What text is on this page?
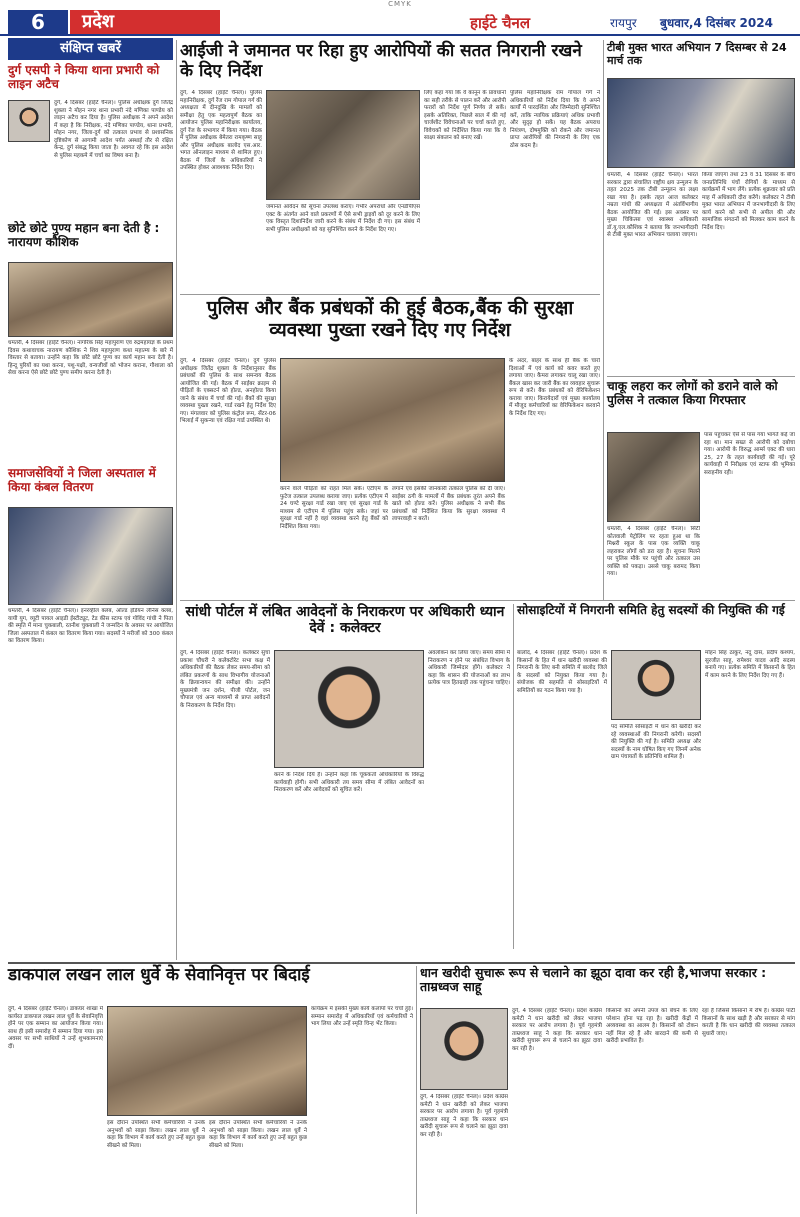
CMYK
6	प्रदेश	हाईटे चैनल	रायपुर	बुधवार,4 दिसंबर 2024
संक्षिप्त खबरें
दुर्ग एसपी ने किया थाना प्रभारी को लाइन अटैच
दुर्ग, 4 दिसंबर (हाईटे चैनल)। पुलिस अधीक्षक दुर्ग जितेंद्र शुक्ला ने मोहन नगर थाना प्रभारी नंदे मणिका पाण्डेय को लाइन अटैच कर दिया है। पुलिस अधीक्षक ने अपने आदेश में कहा है कि निरीक्षक, नंदे मणिका पाण्डेय, थाना प्रभारी, मोहन नगर, जिला-दुर्ग को तत्काल प्रभाव से प्रशासनिक दृष्टिकोण से आगामी आदेश पर्यंत अस्थाई तौर से रक्षित केन्द्र, दुर्ग संबद्ध किया जाता है। अवगत रहे कि इस आदेश से पुलिस महकमे में चर्चा का विषय बना है।
छोटे छोटे पुण्य महान बना देती है : नारायण कौशिक
धमतरी, 4 दिसंबर (हाईटे चैनल)। नागरिक सिंह महापुराण एवं रुद्रमहायज्ञ के प्रथम दिवस कथावाचक नारायण कौशिक ने शिव महापुराण कथा महात्म्य के बारे में विस्तार से बताया। उन्होंने कहा कि छोटे छोटे पुण्य का कार्य महान बना देती है। हिन्दू पुरियों का यथा करना, पशु-पक्षी, वन्यजीवों को भोजन कराना, गौशाला को सेवा करना ऐसे छोटे छोटे पुण्य समीप करना देती है।
समाजसेवियों ने जिला अस्पताल में किया कंबल वितरण
धमतरी, 4 दिसंबर (हाईटे चैनल)। इनरव्हील क्लब, ओल्ड इंडियन लेनिस क्लब, यायी युग, व्यूटी पायल आइडी ईस्टीट्यूट, टेड कीस स्टाफ एवं गोविंद गांधी ने पिता की स्मृति में माना चुकबाली, रतनीश चुकबाली ने जन्मदिन के अवसर पर आयोजित जिला अस्पताल में कंबल का वितरण किया गया। सदस्यों ने मरीजों को 300 कंबल का वितरण किया।
आईजी ने जमानत पर रिहा हुए आरोपियों की सतत निगरानी रखने के दिए निर्देश
दुर्ग, 4 दिसंबर (हाईटे चैनल)। पुलिस महानिरीक्षक, दुर्ग रेंज राम गोपाल गर्ग की अध्यक्षता में दीनदुखि के मामलों को समीक्षा हेतु एक महत्वपूर्ण बैठक का आयोजन पुलिस महानिरीक्षक कार्यालय, दुर्ग रेंज के सभागार में किया गया। बैठक में पुलिस अधीक्षक बेमेतरा रामकृष्ण साहू और पुलिस अधीक्षक बालोद एस.आर. भगत ऑनलाइन माध्यम से शामिल हुए। बैठक में जिलों के अधिकारियों ने उपस्थित होकर आवश्यक निर्देश दिए।
जमानत आवेदन की सूचना उपलब्ध कराएं। गंभीर अपराधों और एनडीपीएस एक्ट के अंतर्गत आने वाले प्रकरणों में ऐसे सभी ड्राइवों को दूर करने के लिए एक विस्तृत दिशानिर्देश जारी करने के संबंध में निर्देश दी गए। इस संबंध में सभी पुलिस अधीक्षकों को यह सुनिश्चित करने के निर्देश दिए गए।
लिए कहा गया कि वे कानून के प्रावधानों का सही तरीके से पालन करें और आरोपी फरारों को निर्देश पूर्ण निर्णय ले सकें। इसके अतिरिक्त, पिछले साल में की गई चार्जशीट विवेचनाओं पर चर्चा करते हुए, विवेचकों को निर्देशित किया गया कि वे साक्ष्य संकलन को बनाए रखें।
पुलिस महानिरीक्षक राम गोपाल गर्ग ने अधिकारियों को निर्देश दिया कि वे अपने कार्यों में पारदर्शिता और जिम्मेदारी सुनिश्चित करें, ताकि न्यायिक प्रक्रियाएं अधिक प्रभावी और सुदृढ़ हो सकें। यह बैठक अपराध नियंत्रण, दोषमुक्ति को रोकने और जमानत प्राप्त आरोपियों की निगरानी के लिए एक ठोस कदम है।
टीबी मुक्त भारत अभियान 7 दिसम्बर से 24 मार्च तक
धमतरी, 4 दिसंबर (हाईटे चैनल)। भारत सरकार द्वारा संचालित राष्ट्रीय क्षय उन्मूलन के तहत 2025 तक टीबी उन्मूलन का लक्ष्य रखा गया है। इसके तहत आज कलेक्टर नम्रता गांधी की अध्यक्षता में अंतर्विभागीय बैठक आयोजित की गई। इस अवसर पर मुख्य चिकित्सा एवं स्वास्थ्य अधिकारी डॉ.यू.एल.कौशिक ने बताया कि जनभागीदारी से टीबी मुक्त भारत अभियान चलाया जाएगा।
किया जाएगा तथा 23 व 31 दिसंबर के बीच जनप्रतिनिधि पंचों रोगियों के माध्यम से कार्यक्रमों में भाग लेंगे। प्रत्येक शुक्रवार को प्रति माह में अधिकारी दौरा करेंगे। कलेक्टर ने टीबी मुक्त भारत अभियान में जनभागीदारी के लिए कार्य करने को सभी से अपील की और सामाजिक संगठनों को मिलकर काम करने के निर्देश दिए।
पुलिस और बैंक प्रबंधकों की हुई बैठक,बैंक की सुरक्षा व्यवस्था पुख्ता रखने दिए गए निर्देश
दुर्ग, 4 दिसंबर (हाईटे चैनल)। दुर्ग पुलिस अधीक्षक जितेंद्र शुक्ला के निर्देशानुसार बैंक प्रबंधकों की पुलिस के साथ समन्वय बैठक आयोजित की गई। बैठक में साईबर क्राइम से पीड़ितों के एक्सटर्न को होल्ड, अनहोल्ड किया जाने के संबंध में चर्चा की गई। बैंकों की सुरक्षा व्यवस्था पुख्ता रखने, गार्ड रखने हेतु निर्देश दिए गए। मंगलवार को पुलिस कंट्रोल रूम, सेंटर-06 भिलाई में सुकन्या एवं रक्षित गार्ड उपस्थित थे।
करने वाले पीड़ितों को राहत मिल सके। एटीएम के फुटेज तत्काल उपलब्ध कराया जाए। प्रत्येक एटीएम में 24 घण्टे सुरक्षा गार्ड रखा जाए एवं सुरक्षा गार्ड के माध्यम से एटीएम में पुलिस पहुंच सके। जहां पर सुरक्षा गार्ड नहीं है वहां व्यवस्था करने हेतु बैंकों को निर्देशित किया गया।
लगाने एवं इसकी जानकारी तत्काल पुलिस को दी जाए। साईबर ठगी के मामलों में बैंक प्रबंधक तुरंत अपने बैंक खाते को होल्ड करें। पुलिस अधीक्षक ने सभी बैंक प्रबंधकों को निर्देशित किया कि सुरक्षा व्यवस्था में लापरवाही न बरतें।
के अंदर, बाहर के साथ ही बैंक के चारों दिशाओं में एवं कार्य को कवर करते हुए लगाया जाए। कैमरा लगाकर चालू रखा जाए। बैंकल खास कर जारी बैंक का व्यवहार सुचारू रूप से करें। बैंक प्रबंधकों को वेरिफिकेशन कराया जाए। किरायेदारों एवं मुख्य कार्यालय में मौजूद कर्मचारियों का वेरिफिकेशन करवाने के निर्देश दिए गए।
चाकू लहरा कर लोगों को डराने वाले को पुलिस ने तत्काल किया गिरफ्तार
धमतरी, 4 दिसंबर (हाईटे चैनल)। सिटी कोतवाली पेट्रोलिंग पर रहता हुआ था कि मिश्नरी स्कूल के पास एक व्यक्ति चाकू लहराकर लोगों को डरा रहा है। सूचना मिलने पर पुलिस मौके पर पहुंची और तत्काल उस व्यक्ति को पकड़ा। उससे चाकू बरामद किया गया।
पास पहुंचकर ऐसे से पास गया भागते कई जा रहा था। मान सख्त से आरोपी को दबोचा गया। आरोपी के विरुद्ध आर्म्स एक्ट की धारा 25, 27 के तहत कार्यवाही की गई। पूरे कार्यवाही में निरीक्षक एवं स्टाफ की भूमिका सराहनीय रही।
सांधी पोर्टल में लंबित आवेदनों के निराकरण पर अधिकारी ध्यान देवें : कलेक्टर
दुर्ग, 4 दिसंबर (हाईटे चैनल)। कलेक्टर सुचा प्रकाश चौधरी ने कलेक्टोरेट सभा कक्ष में अधिकारियों की बैठक लेकर समय-सीमा को लंबित प्रकरणों के साथ विभागीय योजनाओं के क्रियान्वयन की समीक्षा की। उन्होंने मुख्यमंत्री जन दर्शन, पीजी पोर्टल, जन चौपाल एवं अन्य माध्यमों से प्राप्त आवेदनों के निराकरण के निर्देश दिए।
करने के निर्देश दिये हैं। उन्होंने कहा कि चूककर्ता अधिकारियों के विरुद्ध कार्यवाही होगी। सभी अधिकारी तय समय सीमा में लंबित आवेदनों का निराकरण करें और आवेदकों को सूचित करें।
अवलोकन कर लिया जाए। समय सीमा में निराकरण न होने पर संबंधित विभाग के अधिकारी जिम्मेदार होंगे। कलेक्टर ने कहा कि शासन की योजनाओं का लाभ प्रत्येक पात्र हितग्राही तक पहुंचना चाहिए।
सोसाइटियों में निगरानी समिति हेतु सदस्यों की नियुक्ति की गई
बालोद, 4 दिसंबर (हाईटे चैनल)। प्रदेश के किसानों के हित में धान खरीदी व्यवस्था की निगरानी के लिए बनी समिति में बालोद जिले के सदस्यों को नियुक्त किया गया है। संयोजक की सहमति से सोसाइटियों में समितियों का गठन किया गया है।
पद समिति सोसाइटी में धान की खरीदी कर रहे व्यवस्थाओं की निगरानी करेगी। सदस्यों की नियुक्ति की गई है। समिति अध्यक्ष और सदस्यों के नाम घोषित किए गए जिनमें अनेक ग्राम पंचायतों के प्रतिनिधि शामिल हैं।
मोहन सिंह ठाकुर, नंदू दास, प्रदीप कश्यप, सुरजीत साहू, रामेश्वर यादव आदि सदस्य बनाये गए। प्रत्येक समिति में किसानों के हित में काम करने के लिए निर्देश दिए गए हैं।
डाकपाल लखन लाल धुर्वे के सेवानिवृत्त पर बिदाई
दुर्ग, 4 दिसंबर (हाईटे चैनल)। डाकघर शाखा में कार्यरत डाकपाल लखन लाल धुर्वे के सेवानिवृत्ति होने पर एक सम्मान का आयोजन किया गया। साथ ही इसी समारोह में सम्मान दिया गया। इस अवसर पर सभी साथियों ने उन्हें शुभकामनाएं दीं।
इस दौरान उपस्थित सभी कर्मचारियों ने उनके अनुभवों को साझा किया। लखन लाल धुर्वे ने कहा कि विभाग में कार्य करते हुए उन्हें बहुत कुछ सीखने को मिला।
इस दौरान उपस्थित सभी कर्मचारियों ने उनके अनुभवों को साझा किया। लखन लाल धुर्वे ने कहा कि विभाग में कार्य करते हुए उन्हें बहुत कुछ सीखने को मिला।
कार्यक्रम में इसकी मुख्य कार्य कलापों पर चर्चा हुई। सम्मान समारोह में अधिकारियों एवं कर्मचारियों ने भाग लिया और उन्हें स्मृति चिन्ह भेंट किया।
धान खरीदी सुचारू रूप से चलाने का झूठा दावा कर रही है,भाजपा सरकार : ताम्रध्वज साहू
दुर्ग, 4 दिसंबर (हाईटे चैनल)। प्रदेश कांग्रेस कमेटी ने धान खरीदी को लेकर भाजपा सरकार पर आरोप लगाया है। पूर्व गृहमंत्री ताम्रध्वज साहू ने कहा कि सरकार धान खरीदी सुचारू रूप से चलाने का झूठा दावा कर रही है।
दुर्ग, 4 दिसंबर (हाईटे चैनल)। प्रदेश कांग्रेस कमेटी ने धान खरीदी को लेकर भाजपा सरकार पर आरोप लगाया है। पूर्व गृहमंत्री ताम्रध्वज साहू ने कहा कि सरकार धान खरीदी सुचारू रूप से चलाने का झूठा दावा कर रही है।
किसानों को अपनी उपज को बेचने के लिए परेशान होना पड़ रहा है। खरीदी केंद्रों में अव्यवस्था का आलम है। किसानों को टोकन नहीं मिल रहे हैं और बारदाने की कमी से खरीदी प्रभावित है।
रहा है जिससे किसानों में रोष है। कांग्रेस पार्टी किसानों के साथ खड़ी है और सरकार से मांग करती है कि धान खरीदी की व्यवस्था तत्काल सुधारी जाए।
